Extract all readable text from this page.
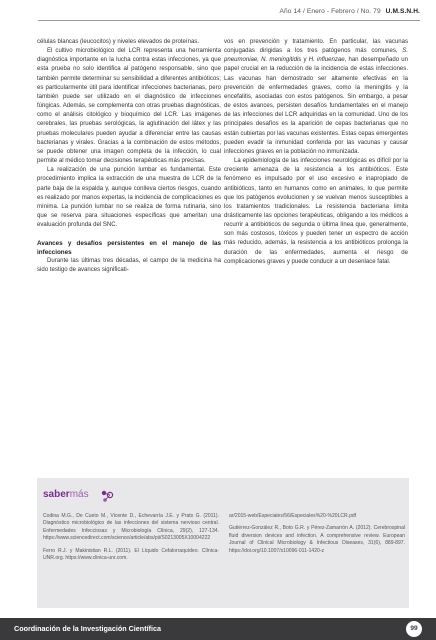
Año 14 / Enero - Febrero / No. 79 U.M.S.N.H.

células blancas (leucocitos) y niveles elevados de proteínas.

El cultivo microbiológico del LCR representa una herramienta diagnóstica importante en la lucha contra estas infecciones, ya que esta prueba no solo identifica al patógeno responsable, sino que también permite determinar su sensibilidad a diferentes antibióticos; es particularmente útil para identificar infecciones bacterianas, pero también puede ser utilizado en el diagnóstico de infecciones fúngicas. Además, se complementa con otras pruebas diagnósticas, como el análisis citológico y bioquímico del LCR. Las imágenes cerebrales, las pruebas serológicas, la aglutinación del látex y las pruebas moleculares pueden ayudar a diferenciar entre las causas bacterianas y virales. Gracias a la combinación de estos métodos, se puede obtener una imagen completa de la infección, lo cual permite al médico tomar decisiones terapéuticas más precisas.

La realización de una punción lumbar es fundamental. Este procedimiento implica la extracción de una muestra de LCR de la parte baja de la espalda y, aunque conlleva ciertos riesgos, cuando es realizado por manos expertas, la incidencia de complicaciones es mínima. La punción lumbar no se realiza de forma rutinaria, sino que se reserva para situaciones específicas que ameritan una evaluación profunda del SNC.

Avances y desafíos persistentes en el manejo de las infecciones

Durante las últimas tres décadas, el campo de la medicina ha sido testigo de avances significati-

vos en prevención y tratamiento. En particular, las vacunas conjugadas dirigidas a los tres patógenos más comunes, S. pneumoniae, N. meningitidis y H. influenzae, han desempeñado un papel crucial en la reducción de la incidencia de estas infecciones. Las vacunas han demostrado ser altamente efectivas en la prevención de enfermedades graves, como la meningitis y la encefalitis, asociadas con estos patógenos. Sin embargo, a pesar de estos avances, persisten desafíos fundamentales en el manejo de las infecciones del LCR adquiridas en la comunidad. Uno de los principales desafíos es la aparición de cepas bacterianas que no están cubiertas por las vacunas existentes. Estas cepas emergentes pueden evadir la inmunidad conferida por las vacunas y causar infecciones graves en la población no inmunizada.

La epidemiología de las infecciones neurológicas es difícil por la creciente amenaza de la resistencia a los antibióticos. Este fenómeno es impulsado por el uso excesivo e inapropiado de antibióticos, tanto en humanos como en animales, lo que permite que los patógenos evolucionen y se vuelvan menos susceptibles a los tratamientos tradicionales. La resistencia bacteriana limita drásticamente las opciones terapéuticas, obligando a los médicos a recurrir a antibióticos de segunda o última línea que, generalmente, son más costosos, tóxicos y pueden tener un espectro de acción más reducido, además, la resistencia a los antibióticos prolonga la duración de las enfermedades, aumenta el riesgo de complicaciones graves y puede conducir a un desenlace fatal.

sabermás

Codina M.G., De Cueto M., Vicente D., Echevarría J.E. y Prats G. (2011). Diagnóstico microbiológico de las infecciones del sistema nervioso central. Enfermedades Infecciosas y Microbiología Clínica, 29(2), 127-134. https://www.sciencedirect.com/science/article/abs/pii/S0213005X10004222

Ferro R.J. y Makinistian R.L. (2011). El Líquido Cefalorraquídeo. Clínica-UNR.org. https://www.clinica-unr.com.

ar/2015-web/Especiales/56/Especiales%20-%20LCR.pdf

Gutiérrez-González R., Boto G.R. y Pérez-Zamarrón A. (2012). Cerebrospinal fluid diversion devices and infection. A comprehensive review. European Journal of Clinical Microbiology & Infectious Diseases, 31(6), 889-897. https://doi.org/10.1007/s10096-011-1420-z

Coordinación de la Investigación Científica	99
